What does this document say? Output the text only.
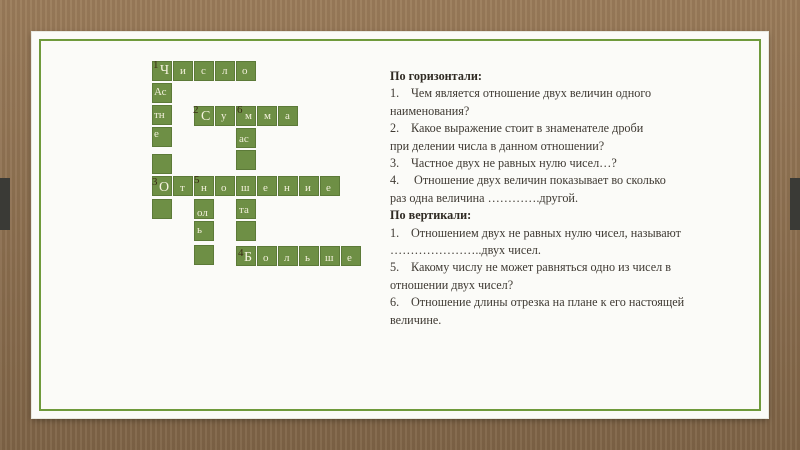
1 Ч и с л о
Ас
тн
е
2 С у 6 м м а
ас
та
3 О т
5
н о ш е н и е
ол
ь
4 Б о л ь ш е
По горизонтали:
1. Чем является отношение двух величин одного
наименования?
2. Какое выражение стоит в знаменателе дроби
при делении числа в данном отношении?
3. Частное двух не равных нулю чисел…?
4. Отношение двух величин показывает во сколько
раз одна величина ………….другой.
По вертикали:
1. Отношением двух не равных нулю чисел, называют
…………………..двух чисел.
5. Какому числу не может равняться одно из чисел в
отношении двух чисел?
6. Отношение длины отрезка на плане к его настоящей
величине.
